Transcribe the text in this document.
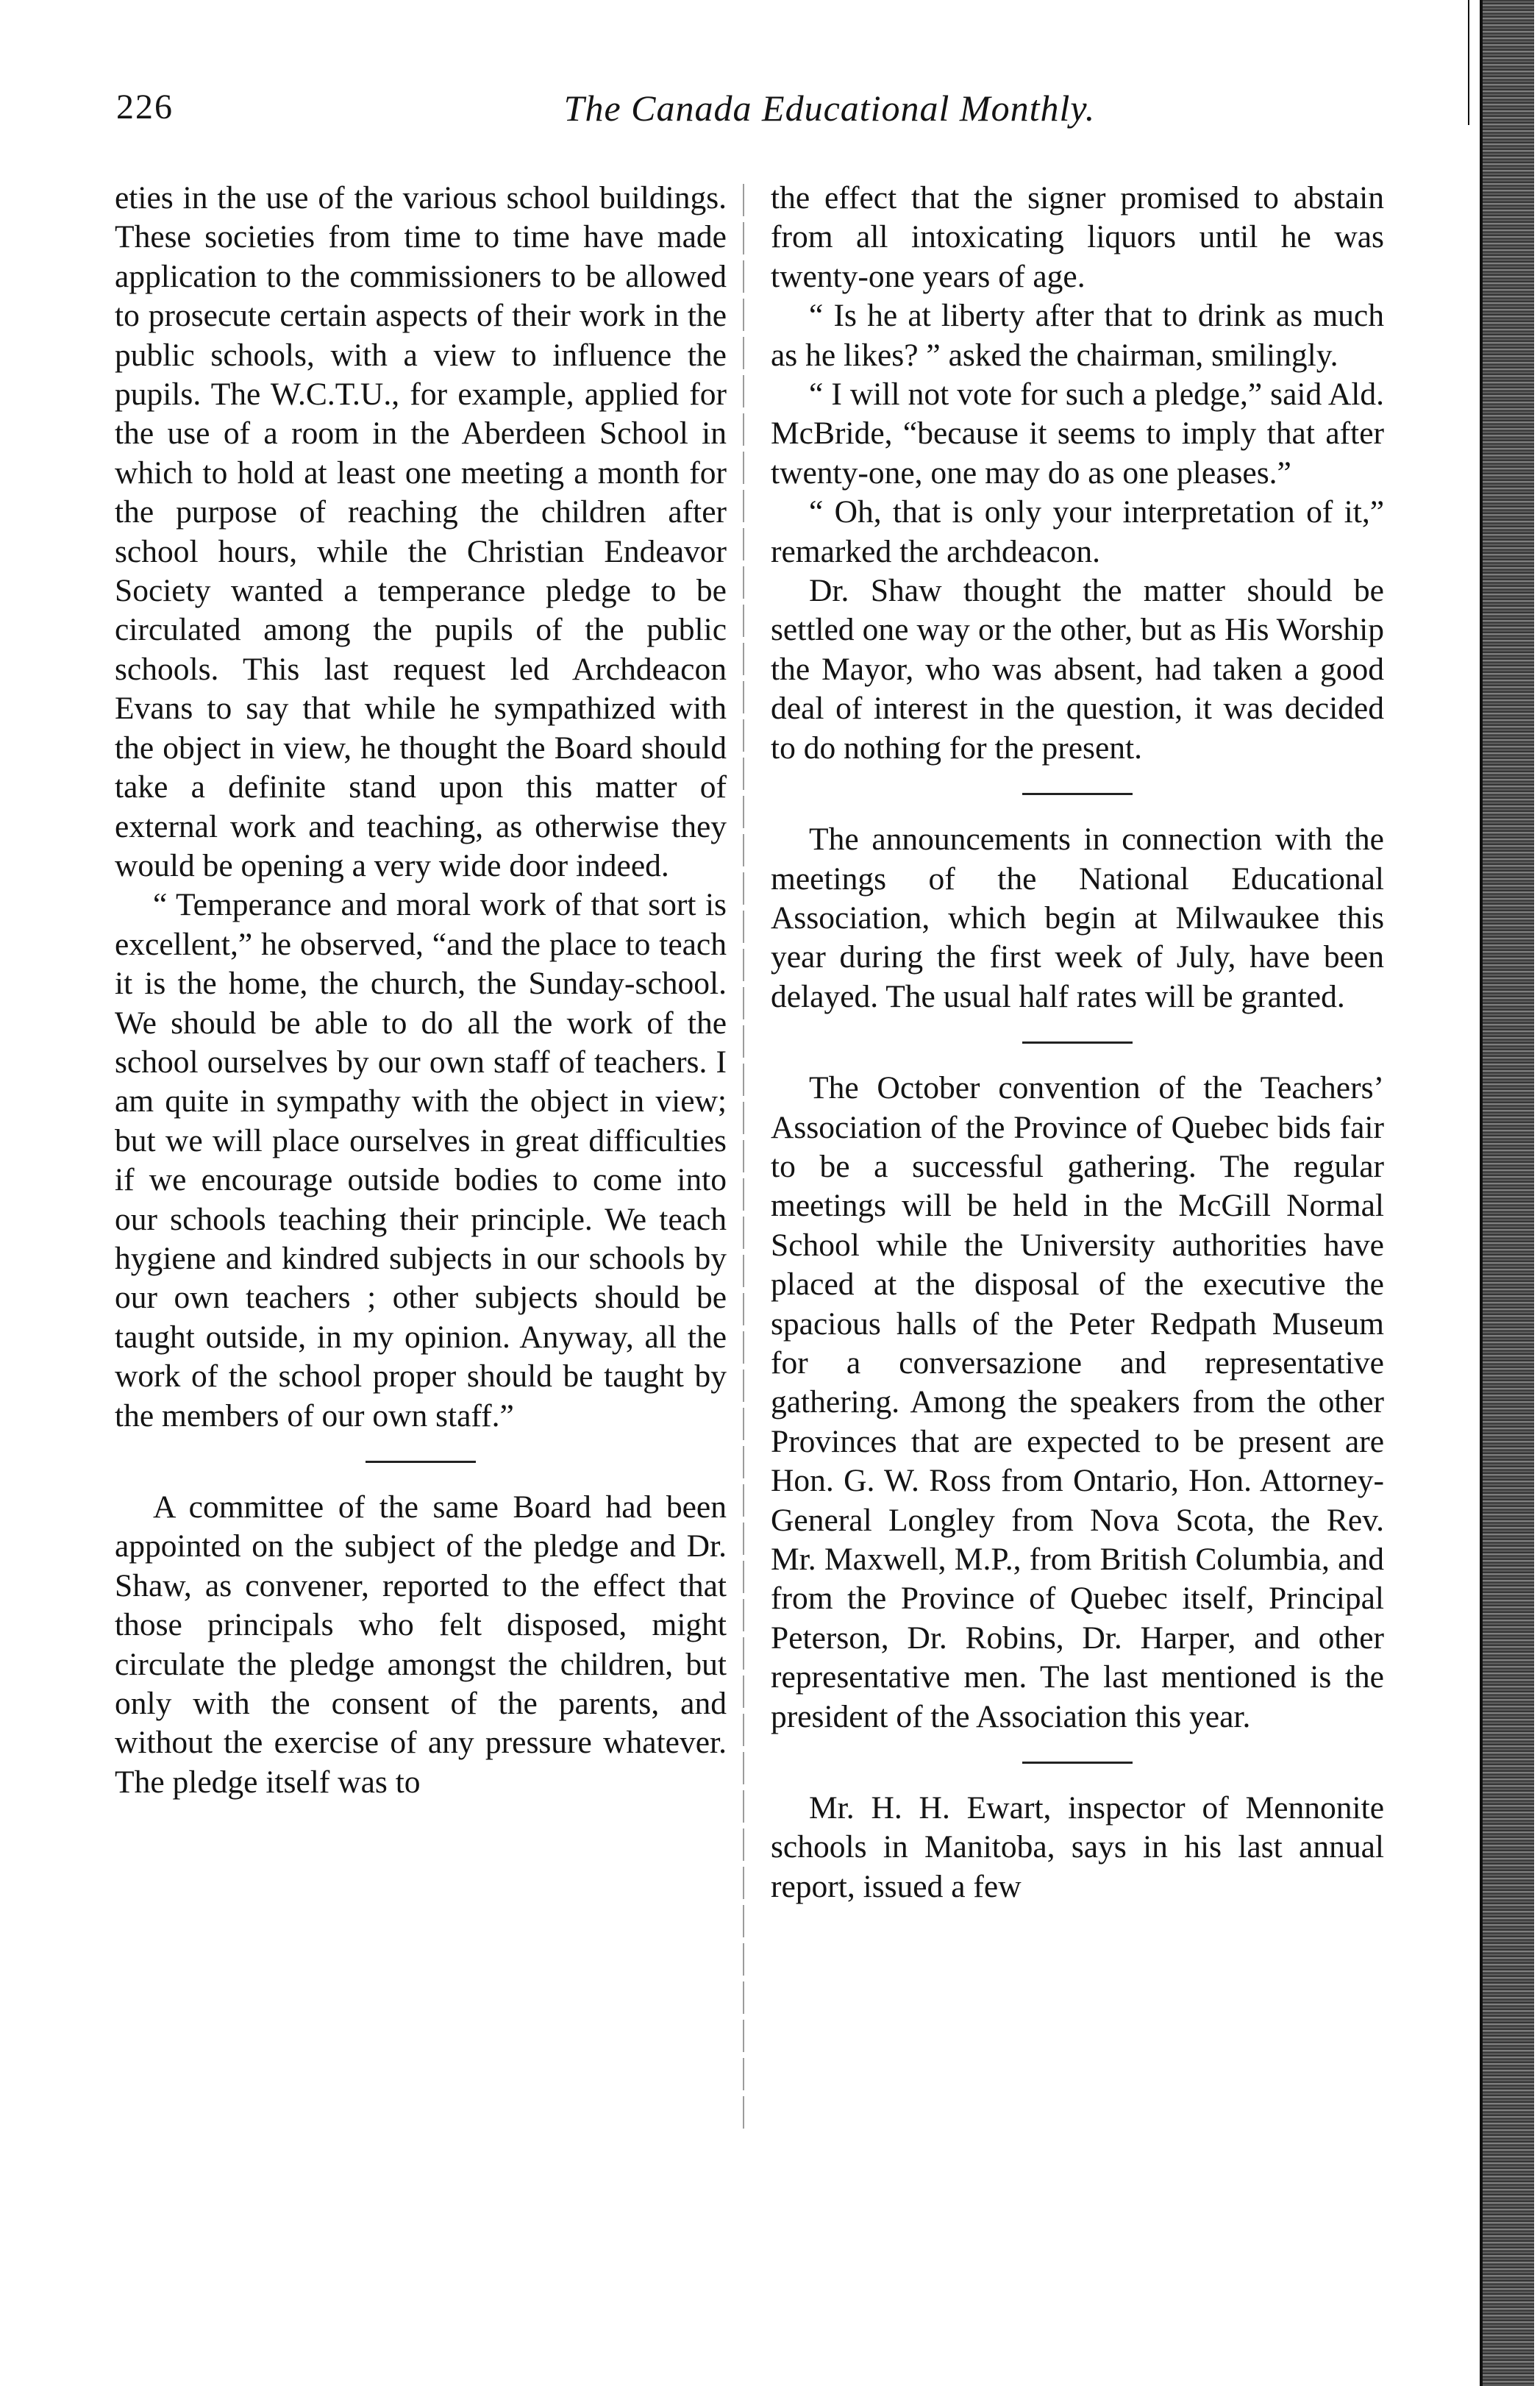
226	The Canada Educational Monthly.

eties in the use of the various school buildings. These societies from time to time have made application to the commissioners to be allowed to prosecute certain aspects of their work in the public schools, with a view to influence the pupils. The W.C.T.U., for example, applied for the use of a room in the Aberdeen School in which to hold at least one meeting a month for the purpose of reaching the children after school hours, while the Christian Endeavor Society wanted a temperance pledge to be circulated among the pupils of the public schools. This last request led Archdeacon Evans to say that while he sympathized with the object in view, he thought the Board should take a definite stand upon this matter of external work and teaching, as otherwise they would be opening a very wide door indeed.

“ Temperance and moral work of that sort is excellent,” he observed, “and the place to teach it is the home, the church, the Sunday-school. We should be able to do all the work of the school ourselves by our own staff of teachers. I am quite in sympathy with the object in view; but we will place ourselves in great difficulties if we encourage outside bodies to come into our schools teaching their principle. We teach hygiene and kindred subjects in our schools by our own teachers ; other subjects should be taught outside, in my opinion. Anyway, all the work of the school proper should be taught by the members of our own staff.”

A committee of the same Board had been appointed on the subject of the pledge and Dr. Shaw, as convener, reported to the effect that those principals who felt disposed, might circulate the pledge amongst the children, but only with the consent of the parents, and without the exercise of any pressure whatever. The pledge itself was to

the effect that the signer promised to abstain from all intoxicating liquors until he was twenty-one years of age.

“ Is he at liberty after that to drink as much as he likes? ” asked the chairman, smilingly.

“ I will not vote for such a pledge,” said Ald. McBride, “because it seems to imply that after twenty-one, one may do as one pleases.”

“ Oh, that is only your interpretation of it,” remarked the archdeacon.

Dr. Shaw thought the matter should be settled one way or the other, but as His Worship the Mayor, who was absent, had taken a good deal of interest in the question, it was decided to do nothing for the present.

The announcements in connection with the meetings of the National Educational Association, which begin at Milwaukee this year during the first week of July, have been delayed. The usual half rates will be granted.

The October convention of the Teachers’ Association of the Province of Quebec bids fair to be a successful gathering. The regular meetings will be held in the McGill Normal School while the University authorities have placed at the disposal of the executive the spacious halls of the Peter Redpath Museum for a conversazione and representative gathering. Among the speakers from the other Provinces that are expected to be present are Hon. G. W. Ross from Ontario, Hon. Attorney-General Longley from Nova Scota, the Rev. Mr. Maxwell, M.P., from British Columbia, and from the Province of Quebec itself, Principal Peterson, Dr. Robins, Dr. Harper, and other representative men. The last mentioned is the president of the Association this year.

Mr. H. H. Ewart, inspector of Mennonite schools in Manitoba, says in his last annual report, issued a few
